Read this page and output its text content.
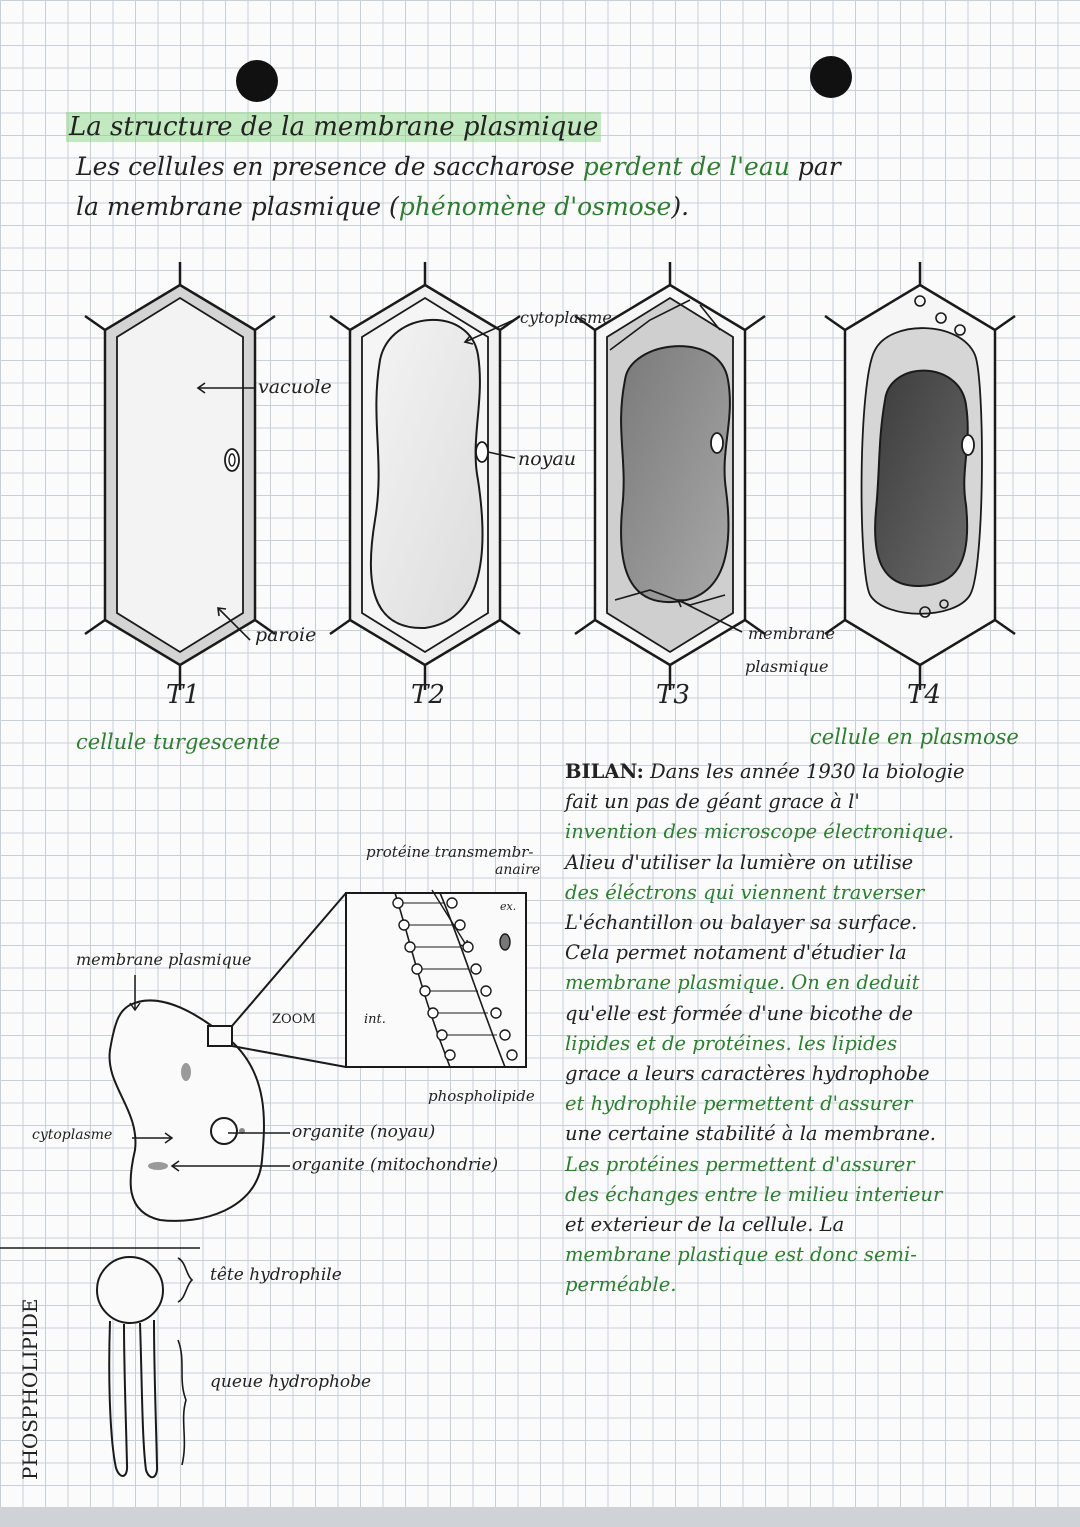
La structure de la membrane plasmique
Les cellules en presence de saccharose perdent de l'eau par
la membrane plasmique (phénomène d'osmose).
vacuole
paroie
cytoplasme
noyau
membrane
plasmique
T1	T2	T3	T4
cellule turgescente	cellule en plasmose
membrane plasmique
ZOOM	int.
ex.
protéine transmembr-
anaire
phospholipide
cytoplasme	organite (noyau)
organite (mitochondrie)
PHOSPHOLIPIDE
tête hydrophile
queue hydrophobe
BILAN: Dans les année 1930 la biologie
fait un pas de géant grace à l'
invention des microscope électronique.
Alieu d'utiliser la lumière on utilise
des éléctrons qui viennent traverser
L'échantillon ou balayer sa surface.
Cela permet notament d'étudier la
membrane plasmique. On en deduit
qu'elle est formée d'une bicothe de
lipides et de protéines. les lipides
grace a leurs caractères hydrophobe
et hydrophile permettent d'assurer
une certaine stabilité à la membrane.
Les protéines permettent d'assurer
des échanges entre le milieu interieur
et exterieur de la cellule. La
membrane plastique est donc semi-
perméable.
